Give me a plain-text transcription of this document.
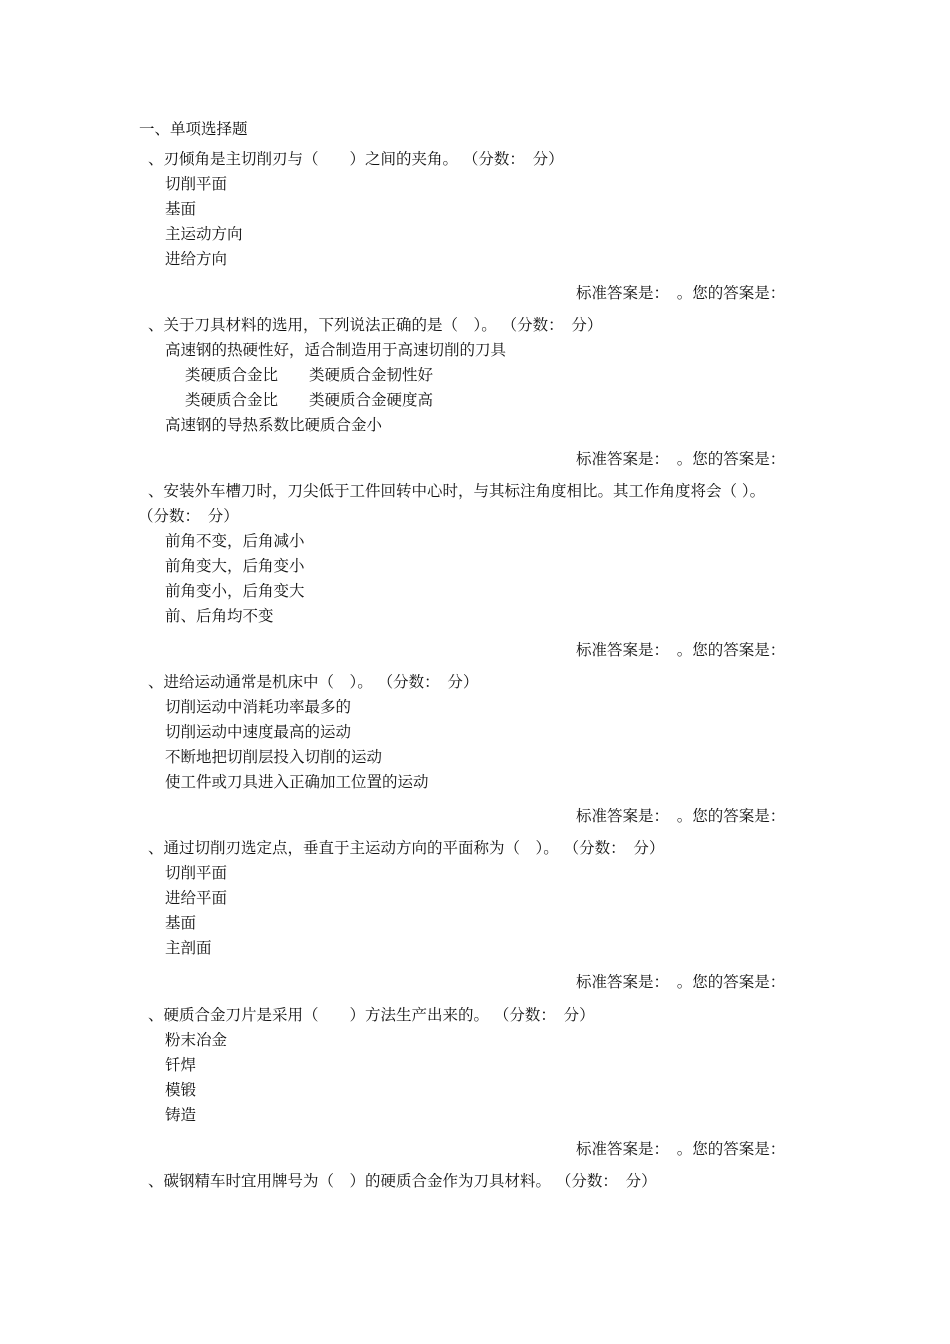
一、单项选择题
、刃倾角是主切削刃与（　　）之间的夹角。 （分数：　分）
切削平面
基面
主运动方向
进给方向
标准答案是：　。您的答案是：
、关于刀具材料的选用，下列说法正确的是（　）。 （分数：　分）
高速钢的热硬性好，适合制造用于高速切削的刀具
类硬质合金比　　类硬质合金韧性好
类硬质合金比　　类硬质合金硬度高
高速钢的导热系数比硬质合金小
标准答案是：　。您的答案是：
、安装外车槽刀时，刀尖低于工件回转中心时，与其标注角度相比。其工作角度将会（ ）。
（分数：　分）
前角不变，后角减小
前角变大，后角变小
前角变小，后角变大
前、后角均不变
标准答案是：　。您的答案是：
、进给运动通常是机床中（　）。 （分数：　分）
切削运动中消耗功率最多的
切削运动中速度最高的运动
不断地把切削层投入切削的运动
使工件或刀具进入正确加工位置的运动
标准答案是：　。您的答案是：
、通过切削刃选定点，垂直于主运动方向的平面称为（　）。 （分数：　分）
切削平面
进给平面
基面
主剖面
标准答案是：　。您的答案是：
、硬质合金刀片是采用（　　）方法生产出来的。 （分数：　分）
粉末冶金
钎焊
模锻
铸造
标准答案是：　。您的答案是：
、碳钢精车时宜用牌号为（　）的硬质合金作为刀具材料。 （分数：　分）
